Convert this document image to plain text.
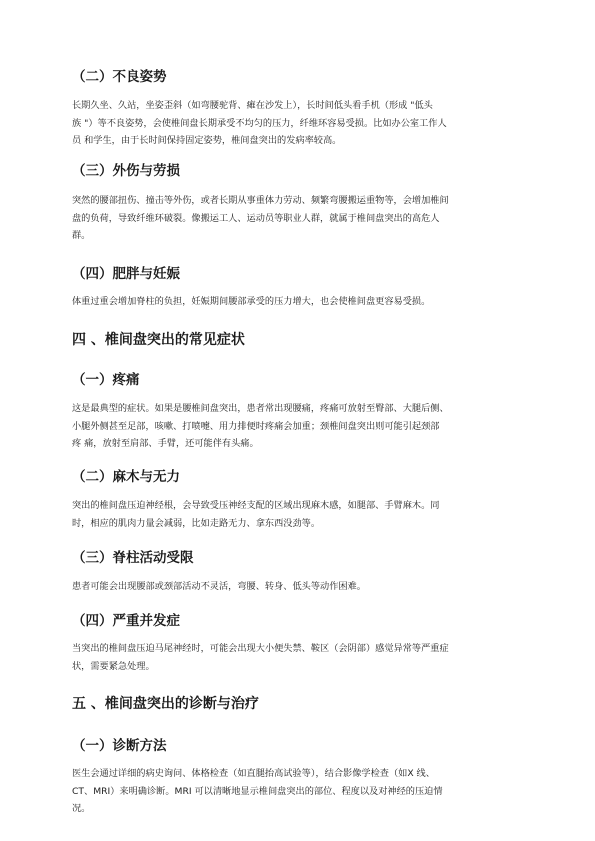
（二）不良姿势
长期久坐、久站，坐姿歪斜（如弯腰驼背、瘫在沙发上），长时间低头看手机（形成 "低头
族 "）等不良姿势，会使椎间盘长期承受不均匀的压力，纤维环容易受损。比如办公室工作人
员 和学生，由于长时间保持固定姿势，椎间盘突出的发病率较高。
（三）外伤与劳损
突然的腰部扭伤、撞击等外伤，或者长期从事重体力劳动、频繁弯腰搬运重物等，会增加椎间
盘的负荷，导致纤维环破裂。像搬运工人、运动员等职业人群，就属于椎间盘突出的高危人
群。
（四）肥胖与妊娠
体重过重会增加脊柱的负担，妊娠期间腰部承受的压力增大，也会使椎间盘更容易受损。
四 、椎间盘突出的常见症状
（一）疼痛
这是最典型的症状。如果是腰椎间盘突出，患者常出现腰痛，疼痛可放射至臀部、大腿后侧、
小腿外侧甚至足部，咳嗽、打喷嚏、用力排便时疼痛会加重；颈椎间盘突出则可能引起颈部
疼 痛，放射至肩部、手臂，还可能伴有头痛。
（二）麻木与无力
突出的椎间盘压迫神经根，会导致受压神经支配的区域出现麻木感，如腿部、手臂麻木。同
时，相应的肌肉力量会减弱，比如走路无力、拿东西没劲等。
（三）脊柱活动受限
患者可能会出现腰部或颈部活动不灵活，弯腰、转身、低头等动作困难。
（四）严重并发症
当突出的椎间盘压迫马尾神经时，可能会出现大小便失禁、鞍区（会阴部）感觉异常等严重症
状，需要紧急处理。
五 、椎间盘突出的诊断与治疗
（一）诊断方法
医生会通过详细的病史询问、体格检查（如直腿抬高试验等），结合影像学检查（如X 线、
CT、MRI）来明确诊断。MRI 可以清晰地显示椎间盘突出的部位、程度以及对神经的压迫情
况。
